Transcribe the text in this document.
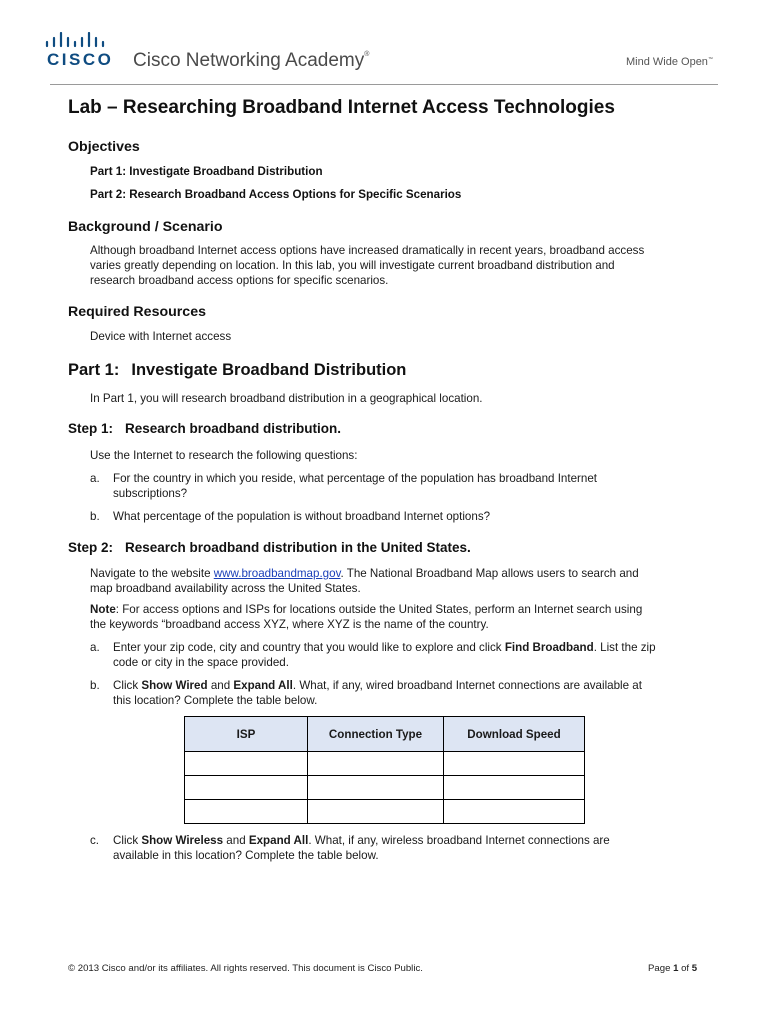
CISCO Cisco Networking Academy®
Mind Wide Open™
Lab – Researching Broadband Internet Access Technologies
Objectives
Part 1: Investigate Broadband Distribution
Part 2: Research Broadband Access Options for Specific Scenarios
Background / Scenario
Although broadband Internet access options have increased dramatically in recent years, broadband access
varies greatly depending on location. In this lab, you will investigate current broadband distribution and
research broadband access options for specific scenarios.
Required Resources
Device with Internet access
Part 1: Investigate Broadband Distribution
In Part 1, you will research broadband distribution in a geographical location.
Step 1: Research broadband distribution.
Use the Internet to research the following questions:
a. For the country in which you reside, what percentage of the population has broadband Internet
subscriptions?
b. What percentage of the population is without broadband Internet options?
Step 2: Research broadband distribution in the United States.
Navigate to the website www.broadbandmap.gov. The National Broadband Map allows users to search and
map broadband availability across the United States.
Note: For access options and ISPs for locations outside the United States, perform an Internet search using
the keywords “broadband access XYZ, where XYZ is the name of the country.
a. Enter your zip code, city and country that you would like to explore and click Find Broadband. List the zip
code or city in the space provided.
b. Click Show Wired and Expand All. What, if any, wired broadband Internet connections are available at
this location? Complete the table below.
ISP	Connection Type	Download Speed

c. Click Show Wireless and Expand All. What, if any, wireless broadband Internet connections are
available in this location? Complete the table below.
© 2013 Cisco and/or its affiliates. All rights reserved. This document is Cisco Public.	Page 1 of 5
